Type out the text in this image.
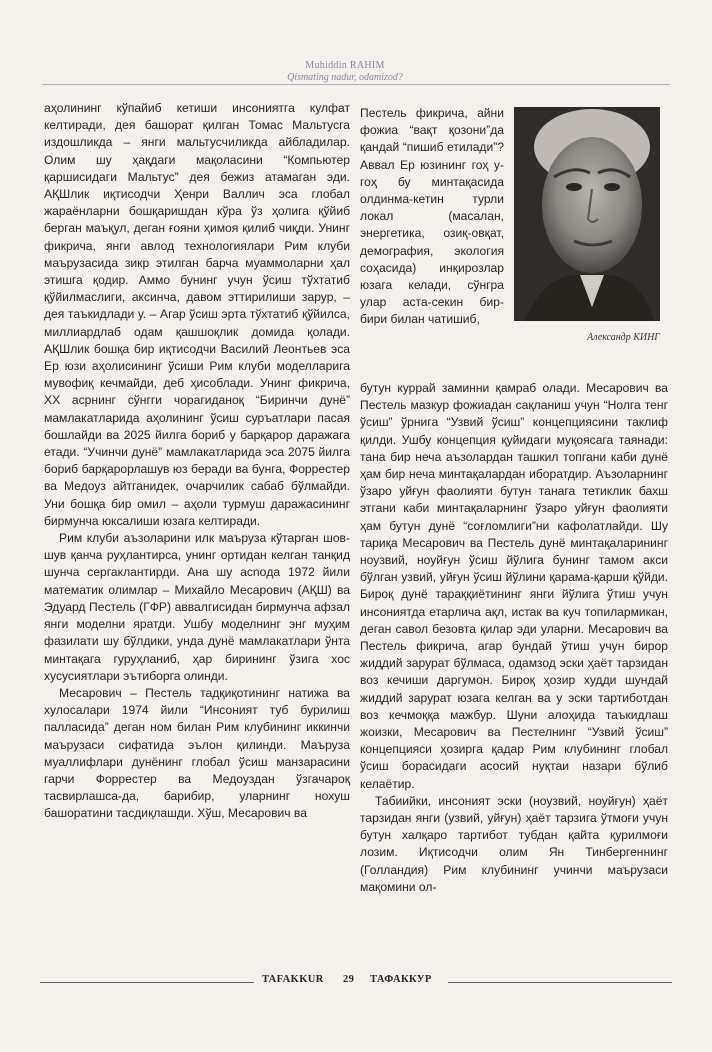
Muhiddin RAHIM
Qismating nadur, odamizod?

аҳолининг кўпайиб кетиши инсониятга кулфат келтиради, дея башорат қилган Томас Мальтусга издошликда – янги мальтусчиликда айбладилар. Олим шу ҳақдаги мақоласини “Компьютер қаршисидаги Мальтус” дея бежиз атамаган эди. АҚШлик иқтисодчи Ҳенри Валлич эса глобал жараёнларни бошқаришдан кўра ўз ҳолига қўйиб берган маъқул, деган ғояни ҳимоя қилиб чиқди. Унинг фикрича, янги авлод технологиялари Рим клуби маърузасида зикр этилган барча муаммоларни ҳал этишга қодир. Аммо бунинг учун ўсиш тўхтатиб қўйилмаслиги, аксинча, давом эттирилиши зарур, – дея таъкидлади у. – Агар ўсиш эрта тўхтатиб қўйилса, миллиардлаб одам қашшоқлик домида қолади. АҚШлик бошқа бир иқтисодчи Василий Леонтьев эса Ер юзи аҳолисининг ўсиши Рим клуби моделларига мувофиқ кечмайди, деб ҳисоблади. Унинг фикрича, XX асрнинг сўнгги чорагиданоқ “Биринчи дунё” мамлакатларида аҳолининг ўсиш суръатлари пасая бошлайди ва 2025 йилга бориб у барқарор даражага етади. “Учинчи дунё” мамлакатларида эса 2075 йилга бориб барқарорлашув юз беради ва бунга, Форрестер ва Медоуз айтганидек, очарчилик сабаб бўлмайди. Уни бошқа бир омил – аҳоли турмуш даражасининг бирмунча юксалиши юзага келтиради.

Рим клуби аъзоларини илк маъруза кўтарган шов-шув қанча руҳлантирса, унинг ортидан келган танқид шунча сергаклантирди. Ана шу асnoда 1972 йили математик олимлар – Михайло Месарович (АҚШ) ва Эдуард Пестель (ГФР) аввалгисидан бирмунча афзал янги моделни яратди. Ушбу моделнинг энг муҳим фазилати шу бўлдики, унда дунё мамлакатлари ўнта минтақага гуруҳланиб, ҳар бирининг ўзига хос хусусиятлари эътиборга олинди.

Месарович – Пестель тадқиқотининг натижа ва хулосалари 1974 йили “Инсоният туб бурилиш палласида” деган ном билан Рим клубининг иккинчи маърузаси сифатида эълон қилинди. Маъруза муаллифлари дунёнинг глобал ўсиш манзарасини гарчи Форрестер ва Медоуздан ўзгачароқ тасвирлашса-да, барибир, уларнинг нохуш башоратини тасдиқлашди. Хўш, Месарович ва

Пестель фикрича, айни фожиа “вақт қозони”да қандай “пишиб етилади”? Аввал Ер юзининг гоҳ у-гоҳ бу минтақасида олдинма-кетин турли локал (масалан, энергетика, озиқ-овқат, демография, экология соҳасида) инқирозлар юзага келади, сўнгра улар аста-секин бир-бири билан чатишиб,

Александр КИНГ

бутун куррай заминни қамраб олади. Месарович ва Пестель мазкур фожиадан сақланиш учун “Нолга тенг ўсиш” ўрнига “Узвий ўсиш” концепциясини таклиф қилди. Ушбу концепция қуйидаги муқоясага таянади: тана бир неча аъзолардан ташкил топгани каби дунё ҳам бир неча минтақалардан иборатдир. Аъзоларнинг ўзаро уйғун фаолияти бутун танага тетиклик бахш этгани каби минтақаларнинг ўзаро уйғун фаолияти ҳам бутун дунё “соғломлиги”ни кафолатлайди. Шу тариқа Месарович ва Пестель дунё минтақаларининг ноузвий, ноуйғун ўсиш йўлига бунинг тамом акси бўлган узвий, уйғун ўсиш йўлини қарама-қарши қўйди. Бироқ дунё тараққиётининг янги йўлига ўтиш учун инсониятда етарлича ақл, истак ва куч топилармикан, деган савол безовта қилар эди уларни. Месарович ва Пестель фикрича, агар бундай ўтиш учун бирор жиддий зарурат бўлмаса, одамзод эски ҳаёт тарзидан воз кечиши даргумон. Бироқ ҳозир худди шундай жиддий зарурат юзага келган ва у эски тартиботдан воз кечмоққа мажбур. Шуни алоҳида таъкидлаш жоизки, Месарович ва Пестелнинг “Узвий ўсиш” концепцияси ҳозирга қадар Рим клубининг глобал ўсиш борасидаги асосий нуқтаи назари бўлиб келаётир.

Табиийки, инсоният эски (ноузвий, ноуйғун) ҳаёт тарзидан янги (узвий, уйғун) ҳаёт тарзига ўтмоғи учун бутун халқаро тартибот тубдан қайта қурилмоғи лозим. Иқтисодчи олим Ян Тинбергеннинг (Голландия) Рим клубининг учинчи маърузаси мақомини ол-

TAFAKKUR 29 ТАФАККУР
